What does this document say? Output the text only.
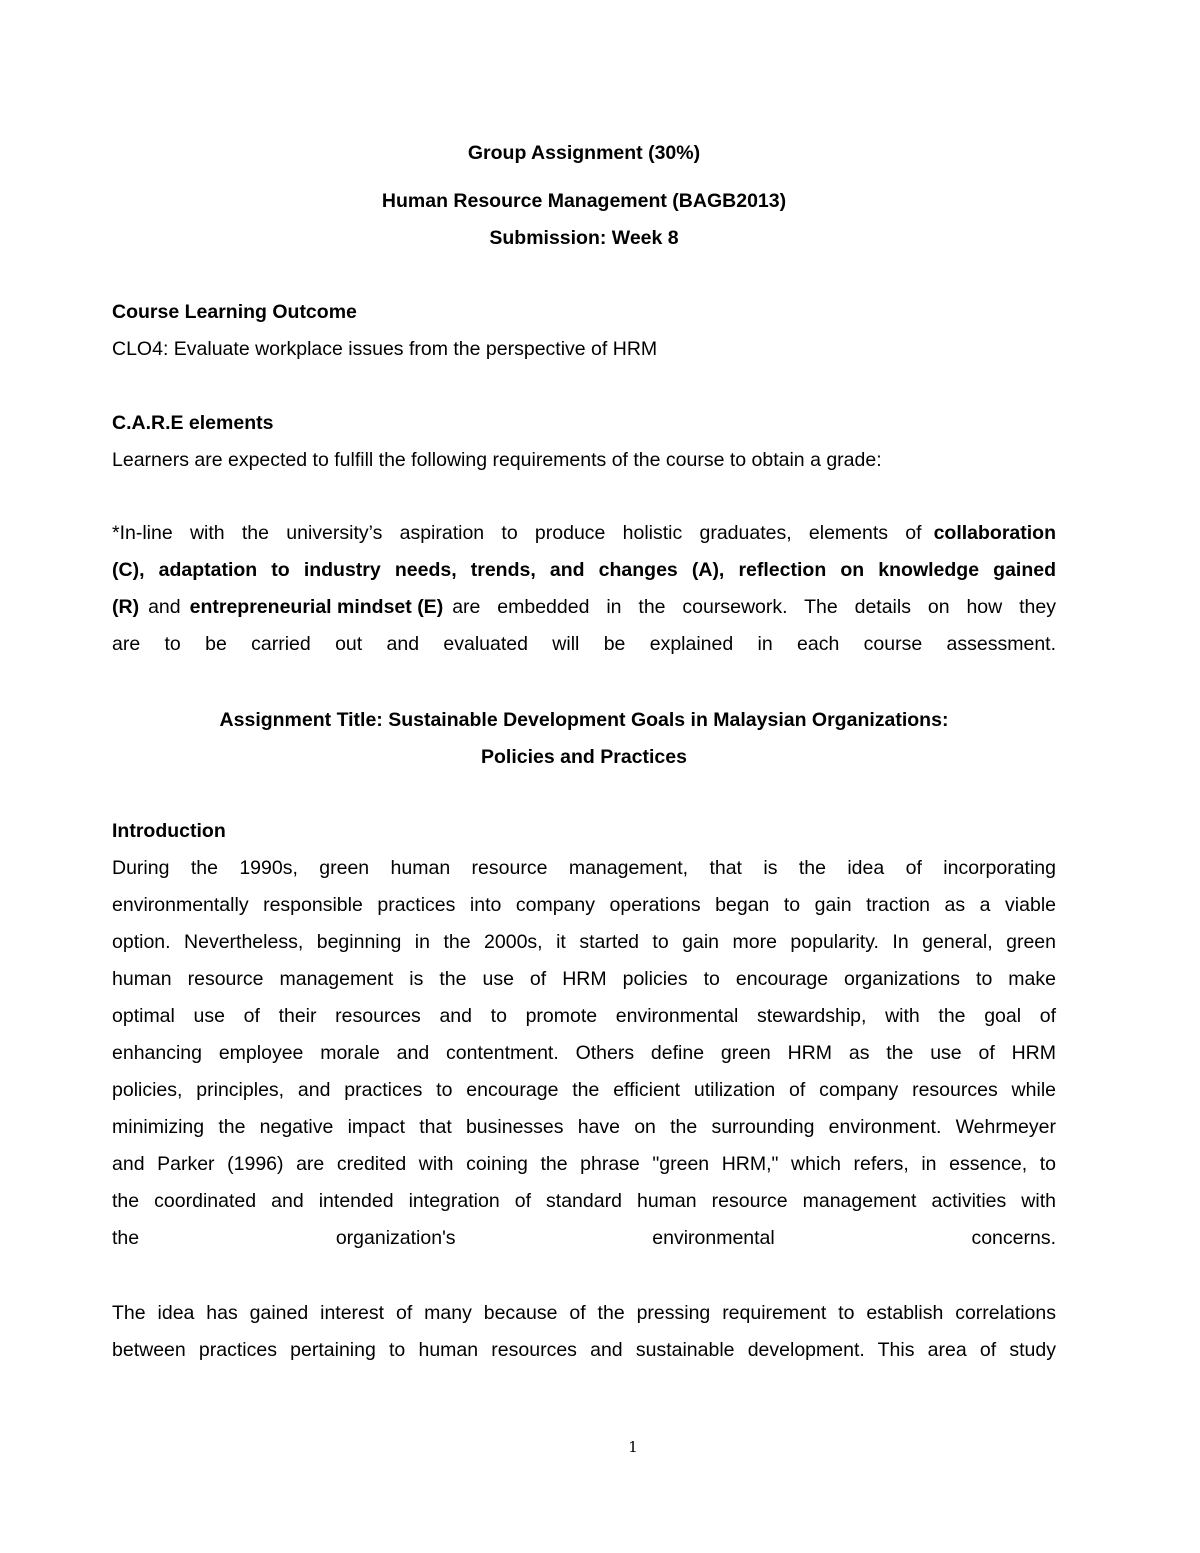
Group Assignment (30%)
Human Resource Management (BAGB2013)
Submission: Week 8
Course Learning Outcome
CLO4: Evaluate workplace issues from the perspective of HRM
C.A.R.E elements
Learners are expected to fulfill the following requirements of the course to obtain a grade:
*In-line with the university’s aspiration to produce holistic graduates, elements of collaboration
(C), adaptation to industry needs, trends, and changes (A), reflection on knowledge gained
(R) and entrepreneurial mindset (E) are embedded in the coursework. The details on how they
are to be carried out and evaluated will be explained in each course assessment.
Assignment Title: Sustainable Development Goals in Malaysian Organizations:
Policies and Practices
Introduction
During the 1990s, green human resource management, that is the idea of incorporating
environmentally responsible practices into company operations began to gain traction as a viable
option. Nevertheless, beginning in the 2000s, it started to gain more popularity. In general, green
human resource management is the use of HRM policies to encourage organizations to make
optimal use of their resources and to promote environmental stewardship, with the goal of
enhancing employee morale and contentment. Others define green HRM as the use of HRM
policies, principles, and practices to encourage the efficient utilization of company resources while
minimizing the negative impact that businesses have on the surrounding environment. Wehrmeyer
and Parker (1996) are credited with coining the phrase "green HRM," which refers, in essence, to
the coordinated and intended integration of standard human resource management activities with
the organization's environmental concerns.
The idea has gained interest of many because of the pressing requirement to establish correlations
between practices pertaining to human resources and sustainable development. This area of study
1
